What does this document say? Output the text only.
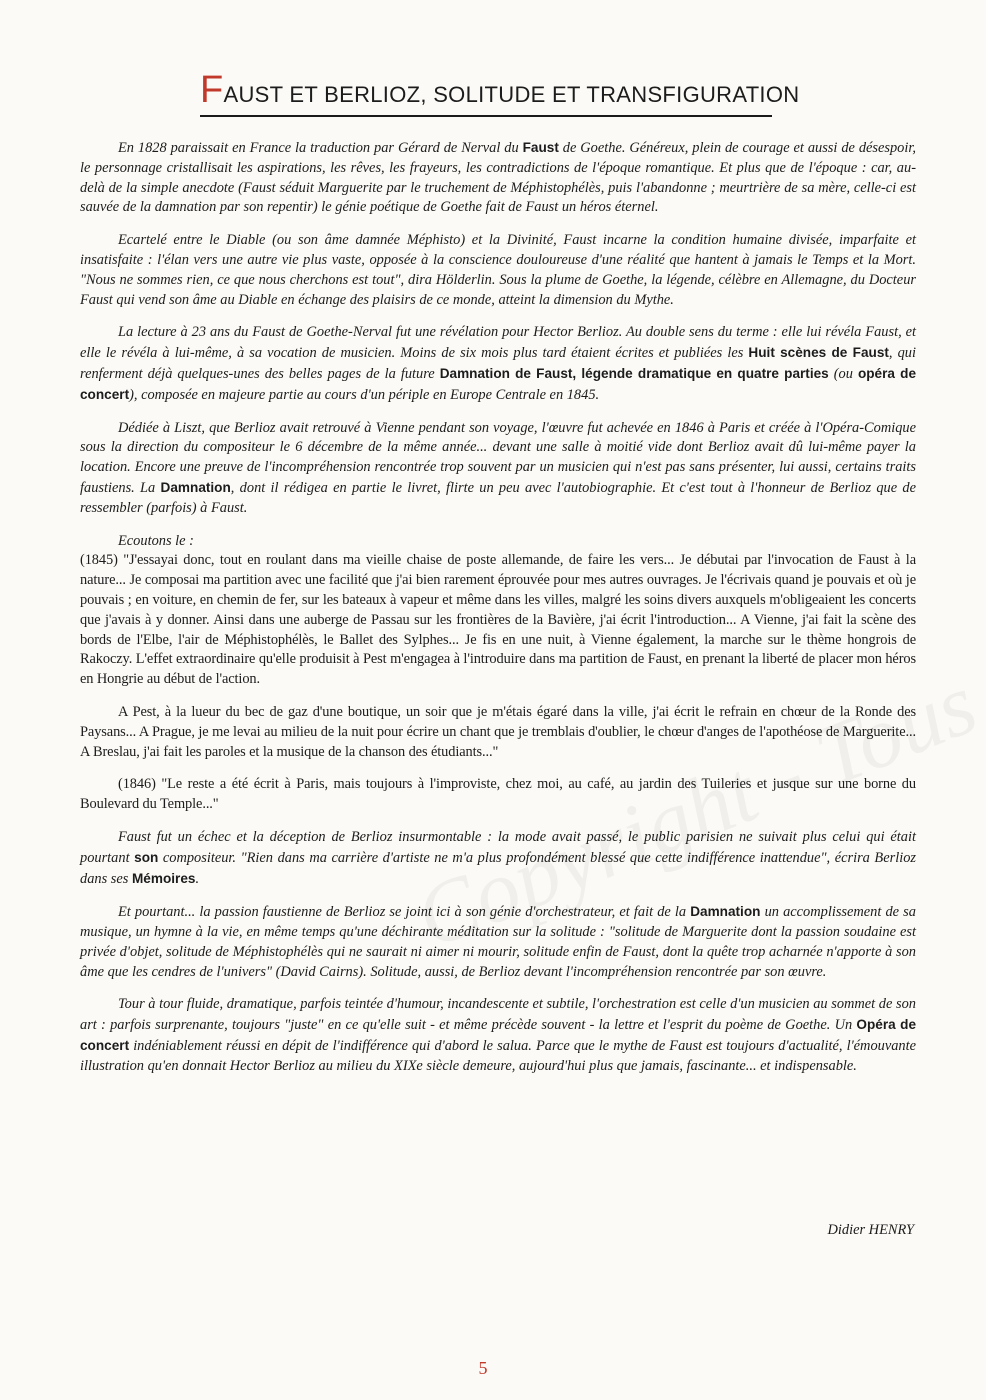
FAUST ET BERLIOZ, SOLITUDE ET TRANSFIGURATION

En 1828 paraissait en France la traduction par Gérard de Nerval du Faust de Goethe. Généreux, plein de courage et aussi de désespoir, le personnage cristallisait les aspirations, les rêves, les frayeurs, les contradictions de l'époque romantique. Et plus que de l'époque : car, au-delà de la simple anecdote (Faust séduit Marguerite par le truchement de Méphistophélès, puis l'abandonne ; meurtrière de sa mère, celle-ci est sauvée de la damnation par son repentir) le génie poétique de Goethe fait de Faust un héros éternel.

Ecartelé entre le Diable (ou son âme damnée Méphisto) et la Divinité, Faust incarne la condition humaine divisée, imparfaite et insatisfaite : l'élan vers une autre vie plus vaste, opposée à la conscience douloureuse d'une réalité que hantent à jamais le Temps et la Mort. "Nous ne sommes rien, ce que nous cherchons est tout", dira Hölderlin. Sous la plume de Goethe, la légende, célèbre en Allemagne, du Docteur Faust qui vend son âme au Diable en échange des plaisirs de ce monde, atteint la dimension du Mythe.

La lecture à 23 ans du Faust de Goethe-Nerval fut une révélation pour Hector Berlioz. Au double sens du terme : elle lui révéla Faust, et elle le révéla à lui-même, à sa vocation de musicien. Moins de six mois plus tard étaient écrites et publiées les Huit scènes de Faust, qui renferment déjà quelques-unes des belles pages de la future Damnation de Faust, légende dramatique en quatre parties (ou opéra de concert), composée en majeure partie au cours d'un périple en Europe Centrale en 1845.

Dédiée à Liszt, que Berlioz avait retrouvé à Vienne pendant son voyage, l'œuvre fut achevée en 1846 à Paris et créée à l'Opéra-Comique sous la direction du compositeur le 6 décembre de la même année... devant une salle à moitié vide dont Berlioz avait dû lui-même payer la location. Encore une preuve de l'incompréhension rencontrée trop souvent par un musicien qui n'est pas sans présenter, lui aussi, certains traits faustiens. La Damnation, dont il rédigea en partie le livret, flirte un peu avec l'autobiographie. Et c'est tout à l'honneur de Berlioz que de ressembler (parfois) à Faust.

Ecoutons le :

(1845) "J'essayai donc, tout en roulant dans ma vieille chaise de poste allemande, de faire les vers... Je débutai par l'invocation de Faust à la nature... Je composai ma partition avec une facilité que j'ai bien rarement éprouvée pour mes autres ouvrages. Je l'écrivais quand je pouvais et où je pouvais ; en voiture, en chemin de fer, sur les bateaux à vapeur et même dans les villes, malgré les soins divers auxquels m'obligeaient les concerts que j'avais à y donner. Ainsi dans une auberge de Passau sur les frontières de la Bavière, j'ai écrit l'introduction... A Vienne, j'ai fait la scène des bords de l'Elbe, l'air de Méphistophélès, le Ballet des Sylphes... Je fis en une nuit, à Vienne également, la marche sur le thème hongrois de Rakoczy. L'effet extraordinaire qu'elle produisit à Pest m'engagea à l'introduire dans ma partition de Faust, en prenant la liberté de placer mon héros en Hongrie au début de l'action.

A Pest, à la lueur du bec de gaz d'une boutique, un soir que je m'étais égaré dans la ville, j'ai écrit le refrain en chœur de la Ronde des Paysans... A Prague, je me levai au milieu de la nuit pour écrire un chant que je tremblais d'oublier, le chœur d'anges de l'apothéose de Marguerite... A Breslau, j'ai fait les paroles et la musique de la chanson des étudiants..."

(1846) "Le reste a été écrit à Paris, mais toujours à l'improviste, chez moi, au café, au jardin des Tuileries et jusque sur une borne du Boulevard du Temple..."

Faust fut un échec et la déception de Berlioz insurmontable : la mode avait passé, le public parisien ne suivait plus celui qui était pourtant son compositeur. "Rien dans ma carrière d'artiste ne m'a plus profondément blessé que cette indifférence inattendue", écrira Berlioz dans ses Mémoires.

Et pourtant... la passion faustienne de Berlioz se joint ici à son génie d'orchestrateur, et fait de la Damnation un accomplissement de sa musique, un hymne à la vie, en même temps qu'une déchirante méditation sur la solitude : "solitude de Marguerite dont la passion soudaine est privée d'objet, solitude de Méphistophélès qui ne saurait ni aimer ni mourir, solitude enfin de Faust, dont la quête trop acharnée n'apporte à son âme que les cendres de l'univers" (David Cairns). Solitude, aussi, de Berlioz devant l'incompréhension rencontrée par son œuvre.

Tour à tour fluide, dramatique, parfois teintée d'humour, incandescente et subtile, l'orchestration est celle d'un musicien au sommet de son art : parfois surprenante, toujours "juste" en ce qu'elle suit - et même précède souvent - la lettre et l'esprit du poème de Goethe. Un Opéra de concert indéniablement réussi en dépit de l'indifférence qui d'abord le salua. Parce que le mythe de Faust est toujours d'actualité, l'émouvante illustration qu'en donnait Hector Berlioz au milieu du XIXe siècle demeure, aujourd'hui plus que jamais, fascinante... et indispensable.

Didier HENRY
5
